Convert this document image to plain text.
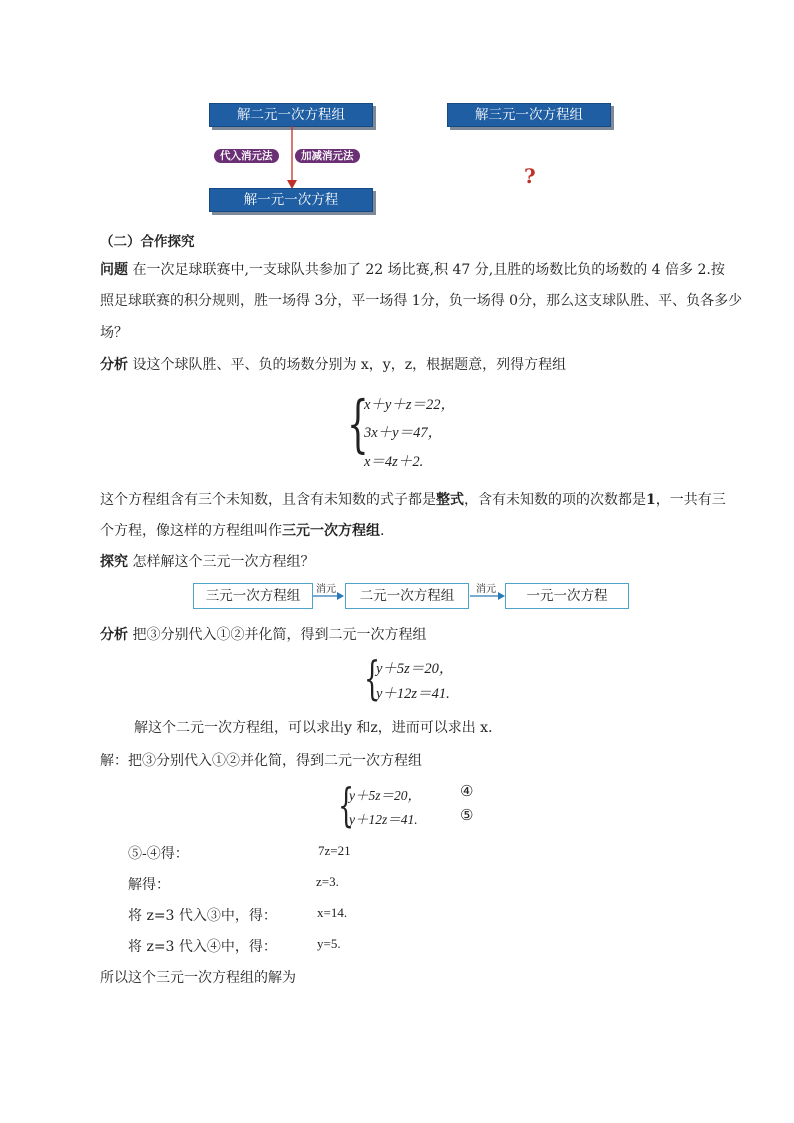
解二元一次方程组	解三元一次方程组
代入消元法	加减消元法
解一元一次方程
?
（二）合作探究
问题 在一次足球联赛中,一支球队共参加了 22 场比赛,积 47 分,且胜的场数比负的场数的 4 倍多 2.按
照足球联赛的积分规则，胜一场得 3分，平一场得 1分，负一场得 0分，那么这支球队胜、平、负各多少
场？
分析 设这个球队胜、平、负的场数分别为 x，y，z，根据题意，列得方程组
{
x＋y＋z＝22，
3x＋y＝47，
x＝4z＋2.
这个方程组含有三个未知数，且含有未知数的式子都是整式，含有未知数的项的次数都是1，一共有三
个方程，像这样的方程组叫作三元一次方程组.
探究 怎样解这个三元一次方程组？
三元一次方程组	消元	二元一次方程组	消元	一元一次方程
分析 把③分别代入①②并化简，得到二元一次方程组
{
y＋5z＝20，
y＋12z＝41.
解这个二元一次方程组，可以求出y 和z，进而可以求出 x．
解：把③分别代入①②并化简，得到二元一次方程组
{
y＋5z＝20，
y＋12z＝41.
④
⑤
⑤-④得：	7z=21
解得：	z=3.
将 z=3 代入③中，得：	x=14.
将 z=3 代入④中，得：	y=5.
所以这个三元一次方程组的解为
